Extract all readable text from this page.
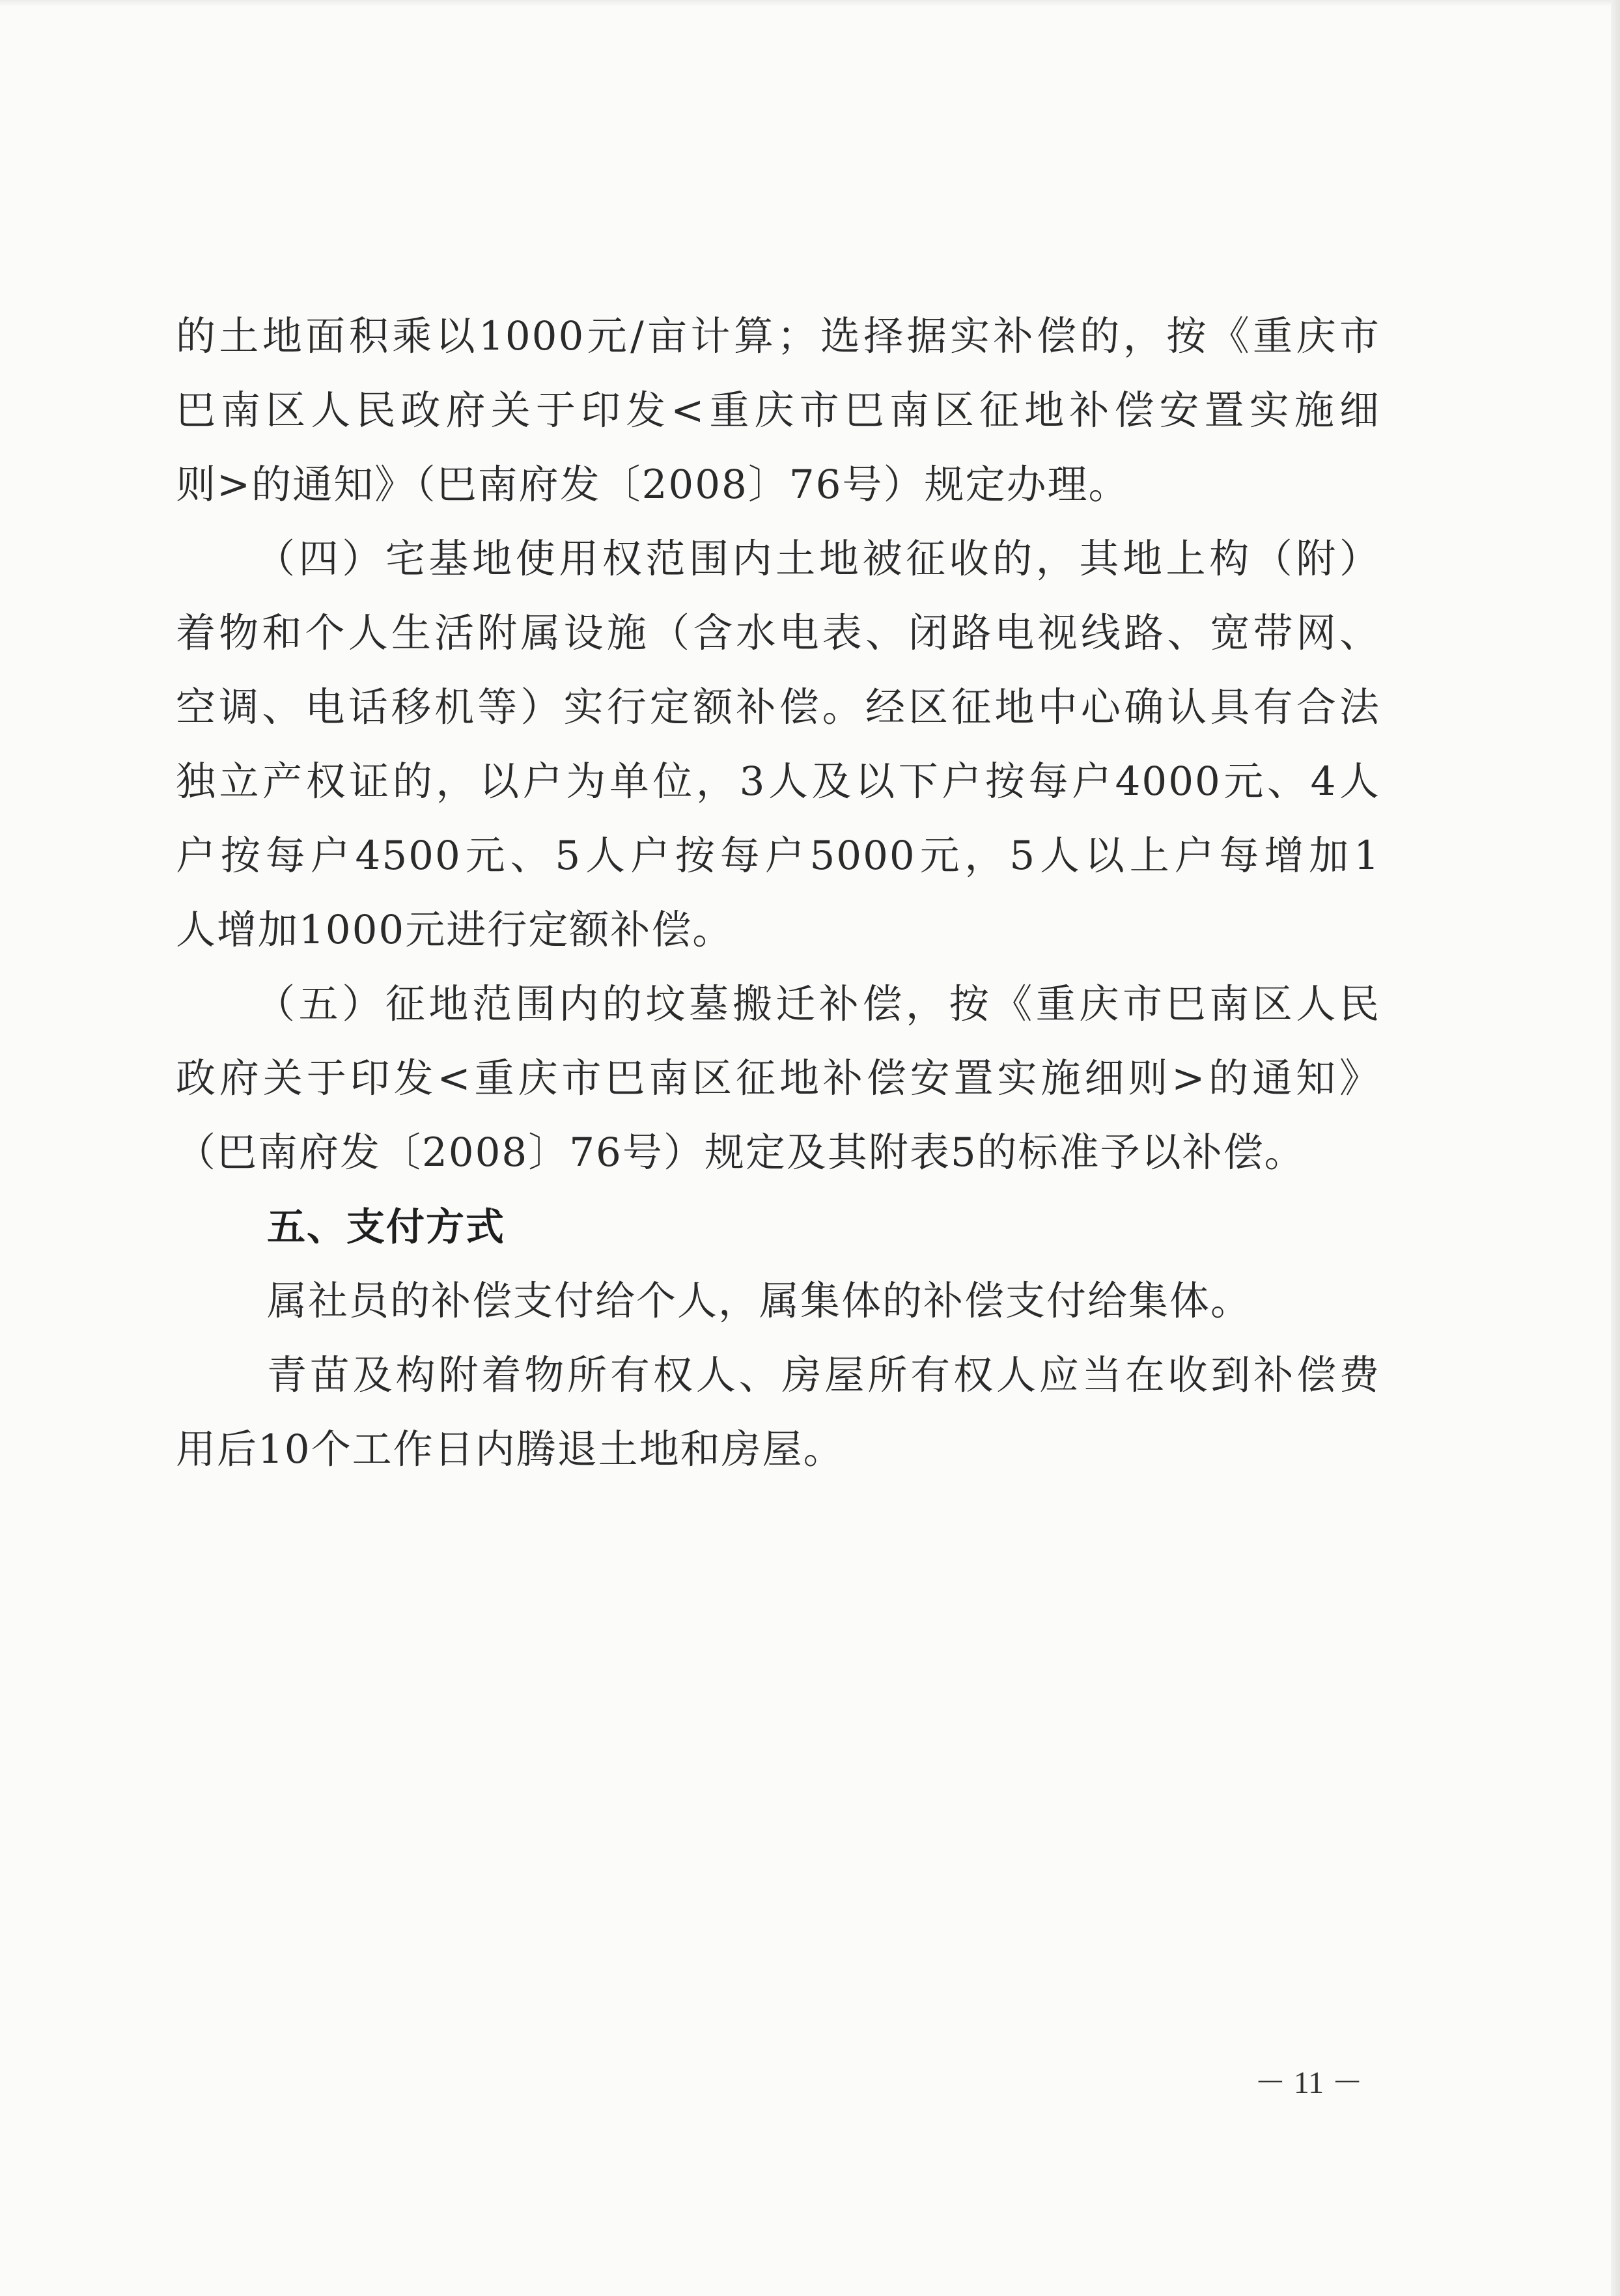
的土地面积乘以1000元/亩计算；选择据实补偿的，按《重庆市
巴南区人民政府关于印发<重庆市巴南区征地补偿安置实施细
则>的通知》（巴南府发〔2008〕76号）规定办理。
（四）宅基地使用权范围内土地被征收的，其地上构（附）
着物和个人生活附属设施（含水电表、闭路电视线路、宽带网、
空调、电话移机等）实行定额补偿。经区征地中心确认具有合法
独立产权证的，以户为单位，3人及以下户按每户4000元、4人
户按每户4500元、5人户按每户5000元，5人以上户每增加1
人增加1000元进行定额补偿。
（五）征地范围内的坟墓搬迁补偿，按《重庆市巴南区人民
政府关于印发<重庆市巴南区征地补偿安置实施细则>的通知》
（巴南府发〔2008〕76号）规定及其附表5的标准予以补偿。
五、支付方式
属社员的补偿支付给个人，属集体的补偿支付给集体。
青苗及构附着物所有权人、房屋所有权人应当在收到补偿费
用后10个工作日内腾退土地和房屋。
－ 11 －
